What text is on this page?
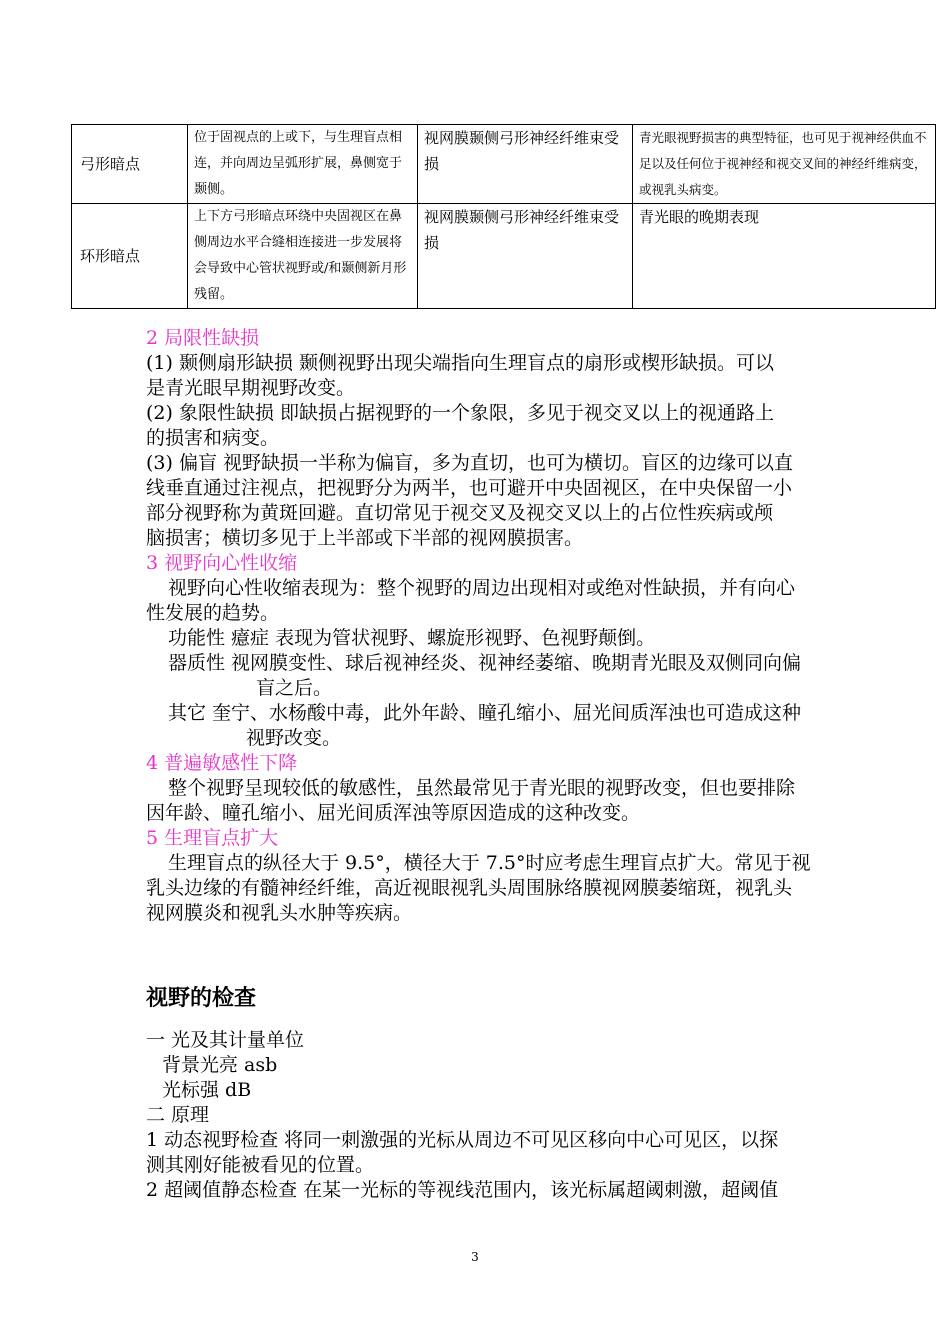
弓形暗点	位于固视点的上或下，与生理盲点相连，并向周边呈弧形扩展，鼻侧宽于颞侧。	视网膜颞侧弓形神经纤维束受损	青光眼视野损害的典型特征，也可见于视神经供血不足以及任何位于视神经和视交叉间的神经纤维病变，或视乳头病变。
环形暗点	上下方弓形暗点环绕中央固视区在鼻侧周边水平合缝相连接进一步发展将会导致中心管状视野或/和颞侧新月形残留。	视网膜颞侧弓形神经纤维束受损	青光眼的晚期表现
2 局限性缺损
(1) 颞侧扇形缺损 颞侧视野出现尖端指向生理盲点的扇形或楔形缺损。可以
是青光眼早期视野改变。
(2) 象限性缺损 即缺损占据视野的一个象限，多见于视交叉以上的视通路上
的损害和病变。
(3) 偏盲 视野缺损一半称为偏盲，多为直切，也可为横切。盲区的边缘可以直
线垂直通过注视点，把视野分为两半，也可避开中央固视区，在中央保留一小
部分视野称为黄斑回避。直切常见于视交叉及视交叉以上的占位性疾病或颅
脑损害；横切多见于上半部或下半部的视网膜损害。
3 视野向心性收缩
视野向心性收缩表现为：整个视野的周边出现相对或绝对性缺损，并有向心
性发展的趋势。
功能性 癔症 表现为管状视野、螺旋形视野、色视野颠倒。
器质性 视网膜变性、球后视神经炎、视神经萎缩、晚期青光眼及双侧同向偏
盲之后。
其它 奎宁、水杨酸中毒，此外年龄、瞳孔缩小、屈光间质浑浊也可造成这种
视野改变。
4 普遍敏感性下降
整个视野呈现较低的敏感性，虽然最常见于青光眼的视野改变，但也要排除
因年龄、瞳孔缩小、屈光间质浑浊等原因造成的这种改变。
5 生理盲点扩大
生理盲点的纵径大于 9.5°，横径大于 7.5°时应考虑生理盲点扩大。常见于视
乳头边缘的有髓神经纤维，高近视眼视乳头周围脉络膜视网膜萎缩斑，视乳头
视网膜炎和视乳头水肿等疾病。
视野的检查
一 光及其计量单位
背景光亮 asb
光标强 dB
二 原理
1 动态视野检查 将同一刺激强的光标从周边不可见区移向中心可见区，以探
测其刚好能被看见的位置。
2 超阈值静态检查 在某一光标的等视线范围内，该光标属超阈刺激，超阈值
3
